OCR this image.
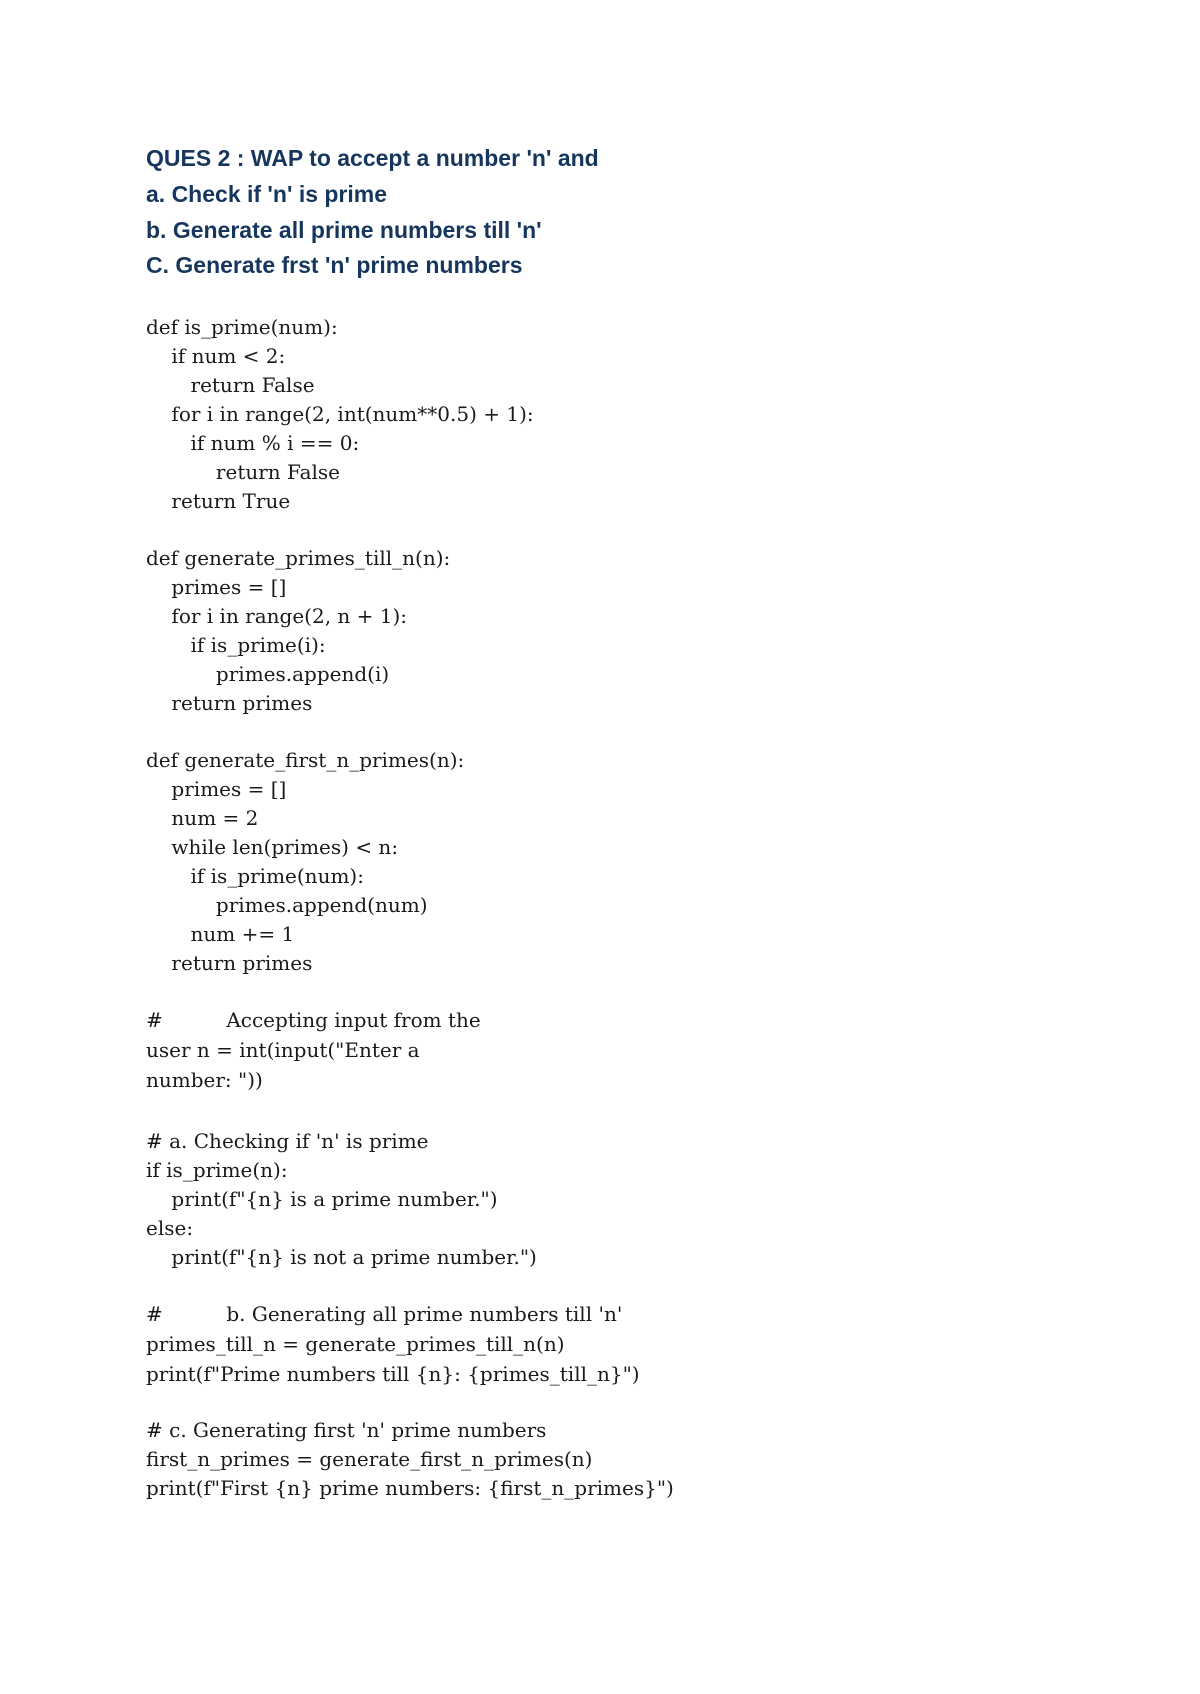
QUES 2 : WAP to accept a number 'n' and
a. Check if 'n' is prime
b. Generate all prime numbers till 'n'
C. Generate frst 'n' prime numbers
def is_prime(num):
if num < 2:
return False
for i in range(2, int(num**0.5) + 1):
if num % i == 0:
return False
return True
def generate_primes_till_n(n):
primes = []
for i in range(2, n + 1):
if is_prime(i):
primes.append(i)
return primes
def generate_first_n_primes(n):
primes = []
num = 2
while len(primes) < n:
if is_prime(num):
primes.append(num)
num += 1
return primes
#          Accepting input from the
user n = int(input("Enter a
number: "))
# a. Checking if 'n' is prime
if is_prime(n):
print(f"{n} is a prime number.")
else:
print(f"{n} is not a prime number.")
#          b. Generating all prime numbers till 'n'
primes_till_n = generate_primes_till_n(n)
print(f"Prime numbers till {n}: {primes_till_n}")
# c. Generating first 'n' prime numbers
first_n_primes = generate_first_n_primes(n)
print(f"First {n} prime numbers: {first_n_primes}")
